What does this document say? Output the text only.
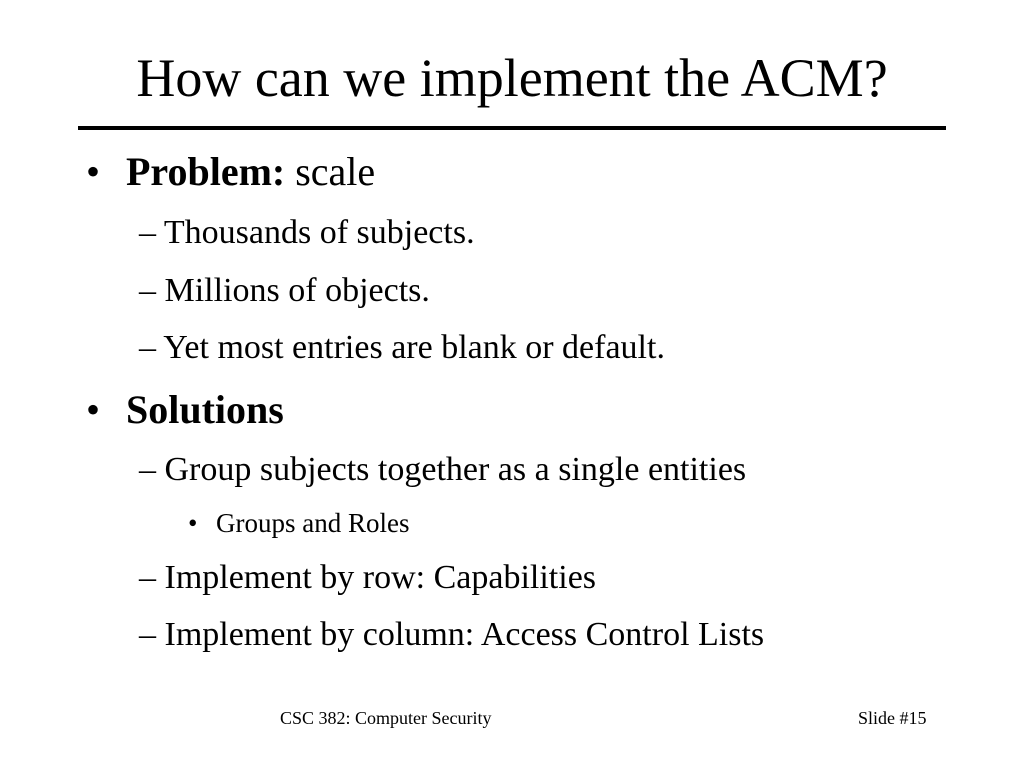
How can we implement the ACM?
• Problem: scale
– Thousands of subjects.
– Millions of objects.
– Yet most entries are blank or default.
• Solutions
– Group subjects together as a single entities
• Groups and Roles
– Implement by row: Capabilities
– Implement by column: Access Control Lists
CSC 382: Computer Security	Slide #15
